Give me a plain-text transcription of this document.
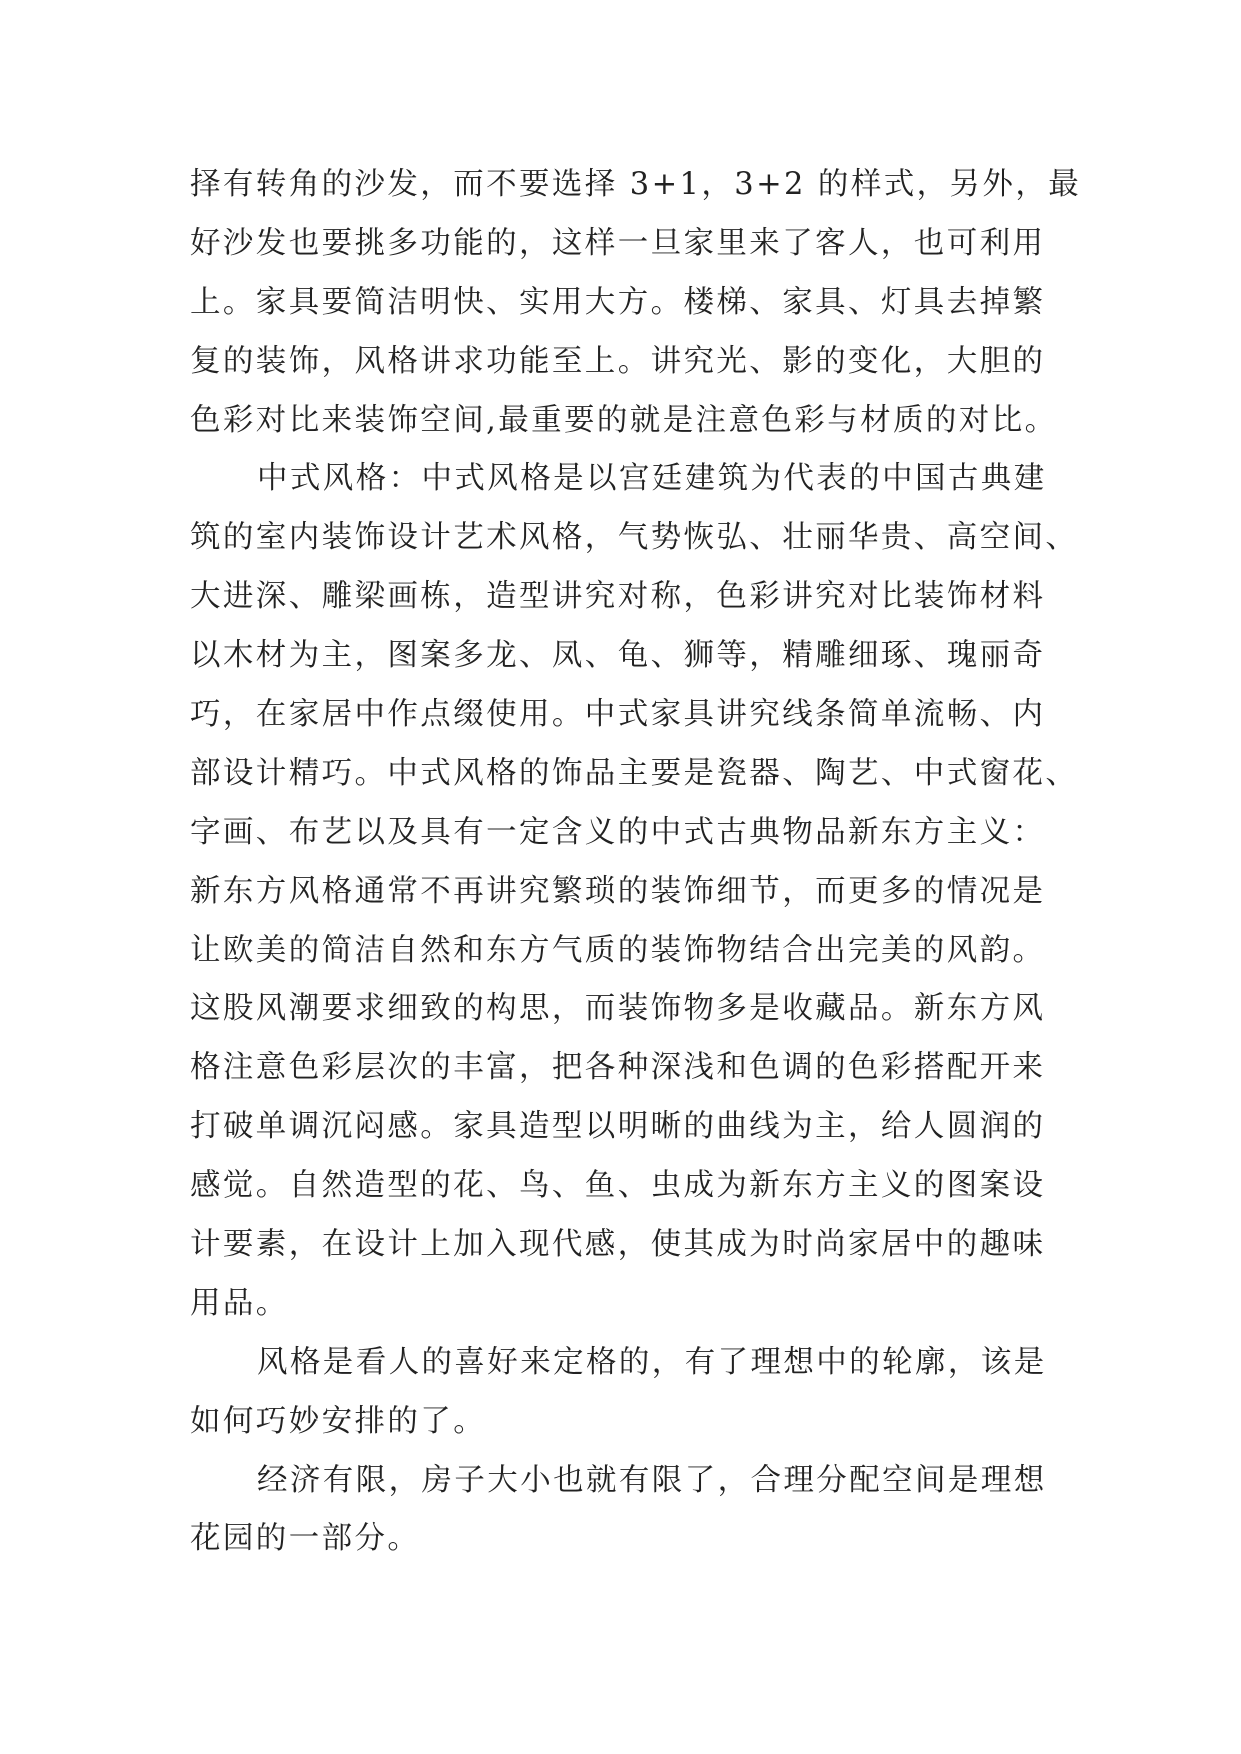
择有转角的沙发，而不要选择 3+1，3+2 的样式，另外，最
好沙发也要挑多功能的，这样一旦家里来了客人，也可利用
上。家具要简洁明快、实用大方。楼梯、家具、灯具去掉繁
复的装饰，风格讲求功能至上。讲究光、影的变化，大胆的
色彩对比来装饰空间,最重要的就是注意色彩与材质的对比。
中式风格：中式风格是以宫廷建筑为代表的中国古典建
筑的室内装饰设计艺术风格，气势恢弘、壮丽华贵、高空间、
大进深、雕梁画栋，造型讲究对称，色彩讲究对比装饰材料
以木材为主，图案多龙、凤、龟、狮等，精雕细琢、瑰丽奇
巧，在家居中作点缀使用。中式家具讲究线条简单流畅、内
部设计精巧。中式风格的饰品主要是瓷器、陶艺、中式窗花、
字画、布艺以及具有一定含义的中式古典物品新东方主义：
新东方风格通常不再讲究繁琐的装饰细节，而更多的情况是
让欧美的简洁自然和东方气质的装饰物结合出完美的风韵。
这股风潮要求细致的构思，而装饰物多是收藏品。新东方风
格注意色彩层次的丰富，把各种深浅和色调的色彩搭配开来
打破单调沉闷感。家具造型以明晰的曲线为主，给人圆润的
感觉。自然造型的花、鸟、鱼、虫成为新东方主义的图案设
计要素，在设计上加入现代感，使其成为时尚家居中的趣味
用品。
风格是看人的喜好来定格的，有了理想中的轮廓，该是
如何巧妙安排的了。
经济有限，房子大小也就有限了，合理分配空间是理想
花园的一部分。
